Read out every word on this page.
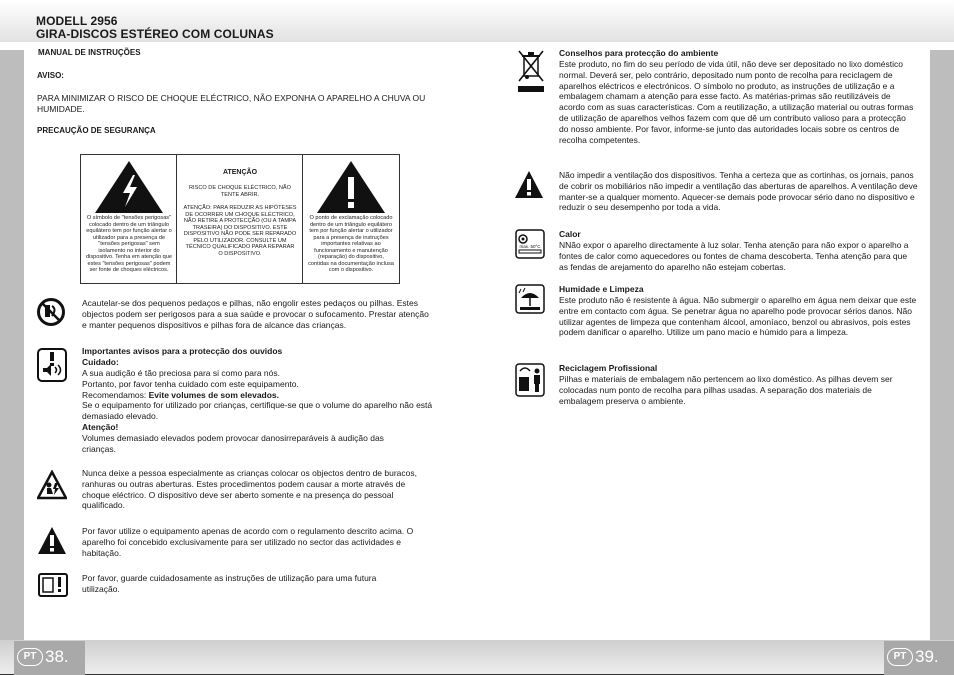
MODELL 2956
GIRA-DISCOS ESTÉREO COM COLUNAS
MANUAL DE INSTRUÇÕES
AVISO:
PARA MINIMIZAR O RISCO DE CHOQUE ELÉCTRICO, NÃO EXPONHA O APARELHO A CHUVA OU HUMIDADE.
PRECAUÇÃO DE SEGURANÇA
O símbolo de "tensões perigosas" colocado dentro de um triângulo equilátero tem por função alertar o utilizador para a presença de "tensões perigosas" sem isolamento no interior do dispositivo. Tenha em atenção que estes "tensões perigosas" podem ser fonte de choques eléctricos.
ATENÇÃO
RISCO DE CHOQUE ELÉCTRICO, NÃO TENTE ABRIR.
ATENÇÃO: PARA REDUZIR AS HIPÓTESES DE OCORRER UM CHOQUE ELÉCTRICO, NÃO RETIRE A PROTECÇÃO (OU A TAMPA TRASEIRA) DO DISPOSITIVO. ESTE DISPOSITIVO NÃO PODE SER REPARADO PELO UTILIZADOR. CONSULTE UM TÉCNICO QUALIFICADO PARA REPARAR O DISPOSITIVO.
O ponto de exclamação colocado dentro de um triângulo equilátero tem por função alertar o utilizador para a presença de instruções importantes relativas ao funcionamento e manutenção (reparação) do dispositivo, contidas na documentação inclusa com o dispositivo.
Acautelar-se dos pequenos pedaços e pilhas, não engolir estes pedaços ou pilhas. Estes objectos podem ser perigosos para a sua saúde e provocar o sufocamento. Prestar atenção e manter pequenos dispositivos e pilhas fora de alcance das crianças.
Importantes avisos para a protecção dos ouvidos
Cuidado:
A sua audição é tão preciosa para si como para nós.
Portanto, por favor tenha cuidado com este equipamento.
Recomendamos: Evite volumes de som elevados.
Se o equipamento for utilizado por crianças, certifique-se que o volume do aparelho não está demasiado elevado.
Atenção!
Volumes demasiado elevados podem provocar danosirreparáveis à audição das crianças.
Nunca deixe a pessoa especialmente as crianças colocar os objectos dentro de buracos, ranhuras ou outras aberturas. Estes procedimentos podem causar a morte através de choque eléctrico. O dispositivo deve ser aberto somente e na presença do pessoal qualificado.
Por favor utilize o equipamento apenas de acordo com o regulamento descrito acima. O aparelho foi concebido exclusivamente para ser utilizado no sector das actividades e habitação.
Por favor, guarde cuidadosamente as instruções de utilização para uma futura utilização.
PT 38.
Conselhos para protecção do ambiente
Este produto, no fim do seu período de vida útil, não deve ser depositado no lixo doméstico normal. Deverá ser, pelo contrário, depositado num ponto de recolha para reciclagem de aparelhos eléctricos e electrónicos. O símbolo no produto, as instruções de utilização e a embalagem chamam a atenção para esse facto. As matérias-primas são reutilizáveis de acordo com as suas características. Com a reutilização, a utilização material ou outras formas de utilização de aparelhos velhos fazem com que dê um contributo valioso para a protecção do nosso ambiente. Por favor, informe-se junto das autoridades locais sobre os centros de recolha competentes.
Não impedir a ventilação dos dispositivos. Tenha a certeza que as cortinhas, os jornais, panos de cobrir os mobiliários não impedir a ventilação das aberturas de aparelhos. A ventilação deve manter-se a qualquer momento. Aquecer-se demais pode provocar sério dano no dispositivo e reduzir o seu desempenho por toda a vida.
max. 50°C
Calor
NNão expor o aparelho directamente à luz solar. Tenha atenção para não expor o aparelho a fontes de calor como aquecedores ou fontes de chama descoberta. Tenha atenção para que as fendas de arejamento do aparelho não estejam cobertas.
Humidade e Limpeza
Este produto não é resistente à água. Não submergir o aparelho em água nem deixar que este entre em contacto com água. Se penetrar água no aparelho pode provocar sérios danos. Não utilizar agentes de limpeza que contenham álcool, amoníaco, benzol ou abrasivos, pois estes podem danificar o aparelho. Utilize um pano macio e húmido para a limpeza.
Reciclagem Profissional
Pilhas e materiais de embalagem não pertencem ao lixo doméstico. As pilhas devem ser colocadas num ponto de recolha para pilhas usadas. A separação dos materiais de embalagem preserva o ambiente.
PT 39.
